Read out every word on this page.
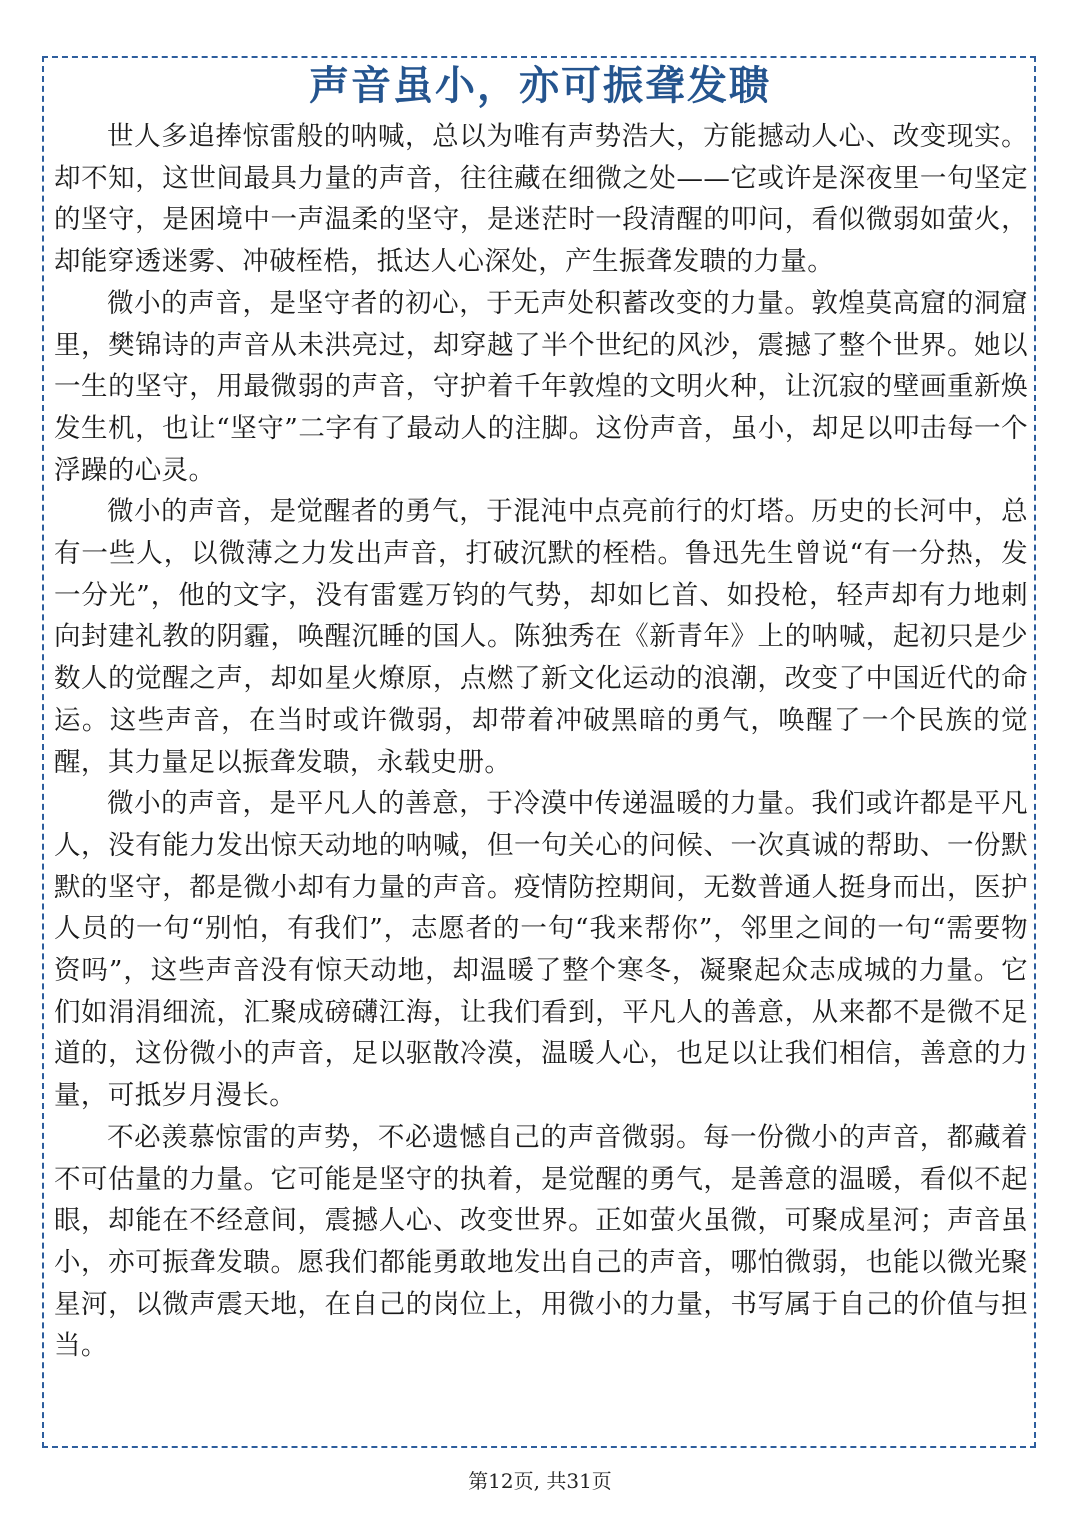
声音虽小，亦可振聋发聩

世人多追捧惊雷般的呐喊，总以为唯有声势浩大，方能撼动人心、改变现实。却不知，这世间最具力量的声音，往往藏在细微之处——它或许是深夜里一句坚定的坚守，是困境中一声温柔的坚守，是迷茫时一段清醒的叩问，看似微弱如萤火，却能穿透迷雾、冲破桎梏，抵达人心深处，产生振聋发聩的力量。

微小的声音，是坚守者的初心，于无声处积蓄改变的力量。敦煌莫高窟的洞窟里，樊锦诗的声音从未洪亮过，却穿越了半个世纪的风沙，震撼了整个世界。她以一生的坚守，用最微弱的声音，守护着千年敦煌的文明火种，让沉寂的壁画重新焕发生机，也让“坚守”二字有了最动人的注脚。这份声音，虽小，却足以叩击每一个浮躁的心灵。

微小的声音，是觉醒者的勇气，于混沌中点亮前行的灯塔。历史的长河中，总有一些人，以微薄之力发出声音，打破沉默的桎梏。鲁迅先生曾说“有一分热，发一分光”，他的文字，没有雷霆万钧的气势，却如匕首、如投枪，轻声却有力地刺向封建礼教的阴霾，唤醒沉睡的国人。陈独秀在《新青年》上的呐喊，起初只是少数人的觉醒之声，却如星火燎原，点燃了新文化运动的浪潮，改变了中国近代的命运。这些声音，在当时或许微弱，却带着冲破黑暗的勇气，唤醒了一个民族的觉醒，其力量足以振聋发聩，永载史册。

微小的声音，是平凡人的善意，于冷漠中传递温暖的力量。我们或许都是平凡人，没有能力发出惊天动地的呐喊，但一句关心的问候、一次真诚的帮助、一份默默的坚守，都是微小却有力量的声音。疫情防控期间，无数普通人挺身而出，医护人员的一句“别怕，有我们”，志愿者的一句“我来帮你”，邻里之间的一句“需要物资吗”，这些声音没有惊天动地，却温暖了整个寒冬，凝聚起众志成城的力量。它们如涓涓细流，汇聚成磅礴江海，让我们看到，平凡人的善意，从来都不是微不足道的，这份微小的声音，足以驱散冷漠，温暖人心，也足以让我们相信，善意的力量，可抵岁月漫长。

不必羡慕惊雷的声势，不必遗憾自己的声音微弱。每一份微小的声音，都藏着不可估量的力量。它可能是坚守的执着，是觉醒的勇气，是善意的温暖，看似不起眼，却能在不经意间，震撼人心、改变世界。正如萤火虽微，可聚成星河；声音虽小，亦可振聋发聩。愿我们都能勇敢地发出自己的声音，哪怕微弱，也能以微光聚星河，以微声震天地，在自己的岗位上，用微小的力量，书写属于自己的价值与担当。

第12页, 共31页
